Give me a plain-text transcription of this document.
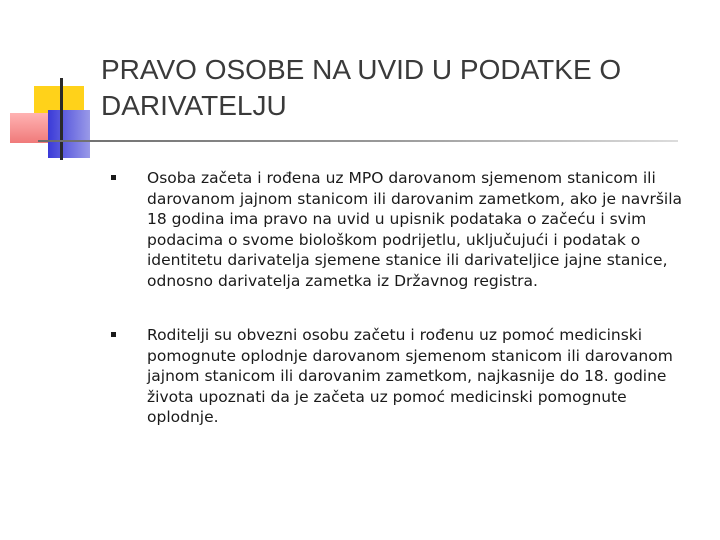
PRAVO OSOBE NA UVID U PODATKE O DARIVATELJU
Osoba začeta i rođena uz MPO darovanom sjemenom stanicom ili darovanom jajnom stanicom ili darovanim zametkom, ako je navršila 18 godina ima pravo na uvid u upisnik podataka o začeću i svim podacima o svome biološkom podrijetlu, uključujući i podatak o identitetu darivatelja sjemene stanice ili darivateljice jajne stanice, odnosno darivatelja zametka iz Državnog registra.
Roditelji su obvezni osobu začetu i rođenu uz pomoć medicinski pomognute oplodnje darovanom sjemenom stanicom ili darovanom jajnom stanicom ili darovanim zametkom, najkasnije do 18. godine života upoznati da je začeta uz pomoć medicinski pomognute oplodnje.
